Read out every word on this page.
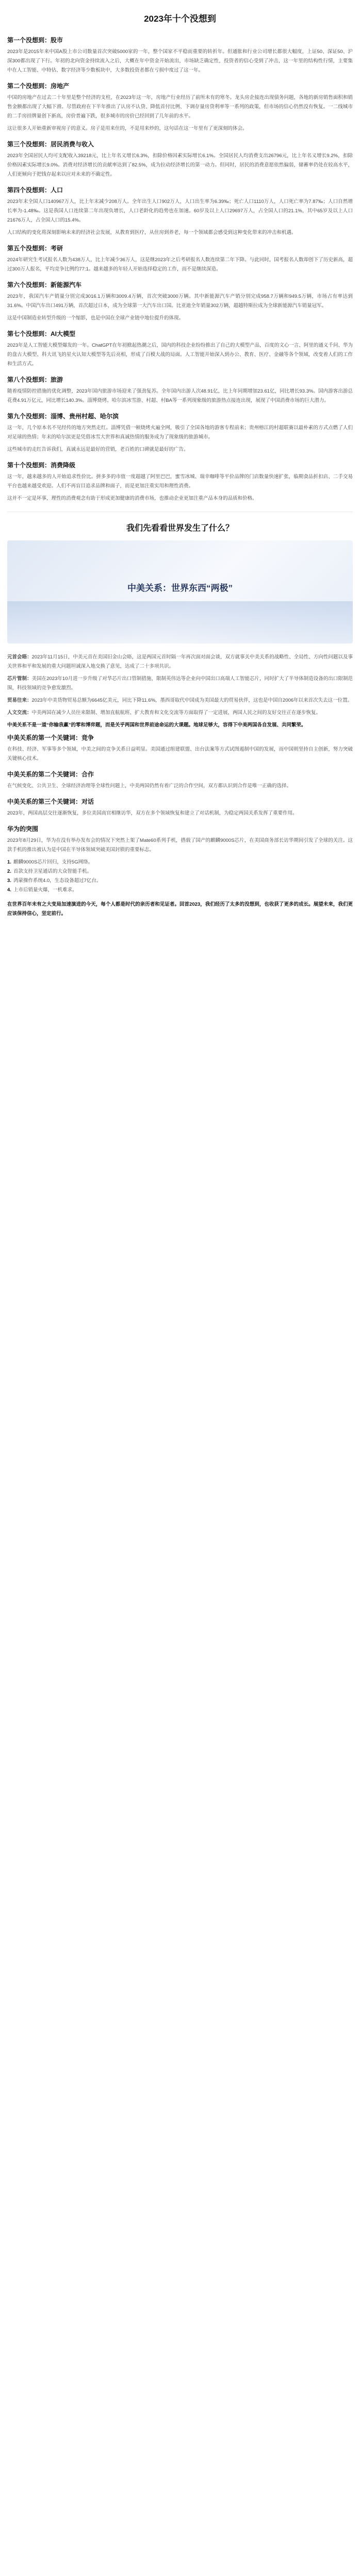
2023年十个没想到
第一个没想到：股市

2023年是2015年来中国A股上市公司数量首次突破5000家的一年，整个国家不平稳而重要的转折年。但通胀和行业公司增长都很大幅度，上证50、深证50、沪深300都出现了下行。年初的北向资金持续流入之后，大概在年中资金开始流出，市场缺乏确定性，投资者的信心受到了冲击，这一年里的结构性行情，主要集中在人工智能、中特估、数字经济等少数板块中，大多数投资者都在亏损中度过了这一年。

第二个没想到：房地产

中国的房地产在过去二十年里是整个经济的支柱，在2023年这一年，房地产行业经历了前所未有的寒冬。龙头房企接连出现债务问题，各地的新房销售面积和销售金额都出现了大幅下滑。尽管政府在下半年推出了认房不认贷、降低首付比例、下调存量房贷利率等一系列的政策，但市场的信心仍然没有恢复。一二线城市的二手房挂牌量创下新高，房价普遍下跌，很多城市的房价已经回到了几年前的水平。

这让很多人开始重新审视房子的意义。房子是用来住的，不是用来炒的，这句话在这一年里有了更深刻的体会。

第三个没想到：居民消费与收入

2023年全国居民人均可支配收入39218元，比上年名义增长6.3%，扣除价格因素实际增长6.1%。全国居民人均消费支出26796元，比上年名义增长9.2%，扣除价格因素实际增长9.0%。消费对经济增长的贡献率达到了82.5%，成为拉动经济增长的第一动力。但同时，居民的消费意愿依然偏弱，储蓄率仍处在较高水平，人们更倾向于把钱存起来以应对未来的不确定性。

第四个没想到：人口

2023年末全国人口140967万人，比上年末减少208万人。全年出生人口902万人，人口出生率为6.39‰；死亡人口1110万人，人口死亡率为7.87‰；人口自然增长率为-1.48‰。这是我国人口连续第二年出现负增长，人口老龄化的趋势也在加速。60岁及以上人口29697万人，占全国人口的21.1%，其中65岁及以上人口21676万人，占全国人口的15.4%。

人口结构的变化将深刻影响未来的经济社会发展，从教育到医疗，从住房到养老，每一个领域都会感受到这种变化带来的冲击和机遇。

第五个没想到：考研

2024年研究生考试报名人数为438万人，比上年减少36万人，这是继2023年之后考研报名人数连续第二年下降。与此同时，国考报名人数却创下了历史新高，超过300万人报名，平均竞争比例约77:1。越来越多的年轻人开始选择稳定的工作，而不是继续深造。

第六个没想到：新能源汽车

2023年，我国汽车产销量分别完成3016.1万辆和3009.4万辆，首次突破3000万辆。其中新能源汽车产销分别完成958.7万辆和949.5万辆，市场占有率达到31.6%。中国汽车出口491万辆，首次超过日本，成为全球第一大汽车出口国。比亚迪全年销量302万辆，超越特斯拉成为全球新能源汽车销量冠军。

这是中国制造业转型升级的一个缩影，也是中国在全球产业链中地位提升的体现。

第七个没想到：AI大模型

2023年是人工智能大模型爆发的一年。ChatGPT在年初掀起热潮之后，国内的科技企业纷纷推出了自己的大模型产品，百度的文心一言、阿里的通义千问、华为的盘古大模型、科大讯飞的星火认知大模型等先后亮相，形成了百模大战的局面。人工智能开始深入到办公、教育、医疗、金融等各个领域，改变着人们的工作和生活方式。

第八个没想到：旅游

随着疫情防控措施的优化调整，2023年国内旅游市场迎来了强劲复苏。全年国内出游人次48.91亿，比上年同期增加23.61亿，同比增长93.3%。国内游客出游总花费4.91万亿元，同比增长140.3%。淄博烧烤、哈尔滨冰雪游、村超、村BA等一系列现象级的旅游热点接连出现，展现了中国消费市场的巨大潜力。

第九个没想到：淄博、贵州村超、哈尔滨

这一年，几个原本名不见经传的地方突然走红。淄博凭借一顿烧烤火遍全网，吸引了全国各地的游客专程前来；贵州榕江的村超联赛以最朴素的方式点燃了人们对足球的热情；年末的哈尔滨更是凭借冰雪大世界和真诚热情的服务成为了现象级的旅游城市。

这些城市的走红告诉我们，真诚永远是最好的营销，老百姓的口碑就是最好的广告。

第十个没想到：消费降级

这一年，越来越多的人开始追求性价比。拼多多的市值一度超越了阿里巴巴，蜜雪冰城、瑞幸咖啡等平价品牌的门店数量快速扩张，临期食品折扣店、二手交易平台也越来越受欢迎。人们不再盲目追求品牌和面子，而是更加注重实用和理性消费。

这并不一定是坏事，理性的消费观念有助于形成更加健康的消费市场，也推动企业更加注重产品本身的品质和价格。

我们先看看世界发生了什么？
中美关系：世界东西“两极”

元首会晤：2023年11月15日，中美元首在美国旧金山会晤，这是两国元首时隔一年再次面对面会谈，双方就事关中美关系的战略性、全局性、方向性问题以及事关世界和平和发展的重大问题坦诚深入地交换了意见，达成了二十多项共识。

芯片管制：美国在2023年10月进一步升级了对华芯片出口管制措施，限制英伟达等企业向中国出口高端人工智能芯片，同时扩大了半导体制造设备的出口限制范围，科技领域的竞争愈发激烈。

贸易往来：2023年中美货物贸易总额为6645亿美元，同比下降11.6%，墨西哥取代中国成为美国最大的贸易伙伴，这也是中国自2006年以来首次失去这一位置。

人文交流：中美两国在减少人员往来限制、增加直航航班、扩大教育和文化交流等方面取得了一定进展，两国人民之间的友好交往正在逐步恢复。

中美关系不是一道“你输我赢”的零和博弈题，而是关乎两国和世界前途命运的大课题。地球足够大，容得下中美两国各自发展、共同繁荣。

中美关系的第一个关键词：竞争

在科技、经济、军事等多个领域，中美之间的竞争关系日益明显。美国通过组建联盟、出台法案等方式试图遏制中国的发展，而中国则坚持自主创新，努力突破关键核心技术。

中美关系的第二个关键词：合作

在气候变化、公共卫生、全球经济治理等全球性问题上，中美两国仍然有着广泛的合作空间，双方都认识到合作是唯一正确的选择。

中美关系的第三个关键词：对话

2023年，两国高层交往逐渐恢复，多位美国高官相继访华，双方在多个领域恢复和建立了对话机制，为稳定两国关系发挥了重要作用。

华为的突围

2023年8月29日，华为在没有举办发布会的情况下突然上架了Mate60系列手机，搭载了国产的麒麟9000S芯片，在美国商务部长访华期间引发了全球的关注。这款手机的推出被认为是中国在半导体领域突破美国封锁的重要标志。

1. 麒麟9000S芯片回归，支持5G网络。
2. 首款支持卫星通话的大众智能手机。
3. 鸿蒙操作系统4.0，生态设备超过7亿台。
4. 上市后销量火爆，一机难求。

在世界百年未有之大变局加速演进的今天，每个人都是时代的亲历者和见证者。回首2023，我们经历了太多的没想到，也收获了更多的成长。展望未来，我们更应该保持信心，坚定前行。
